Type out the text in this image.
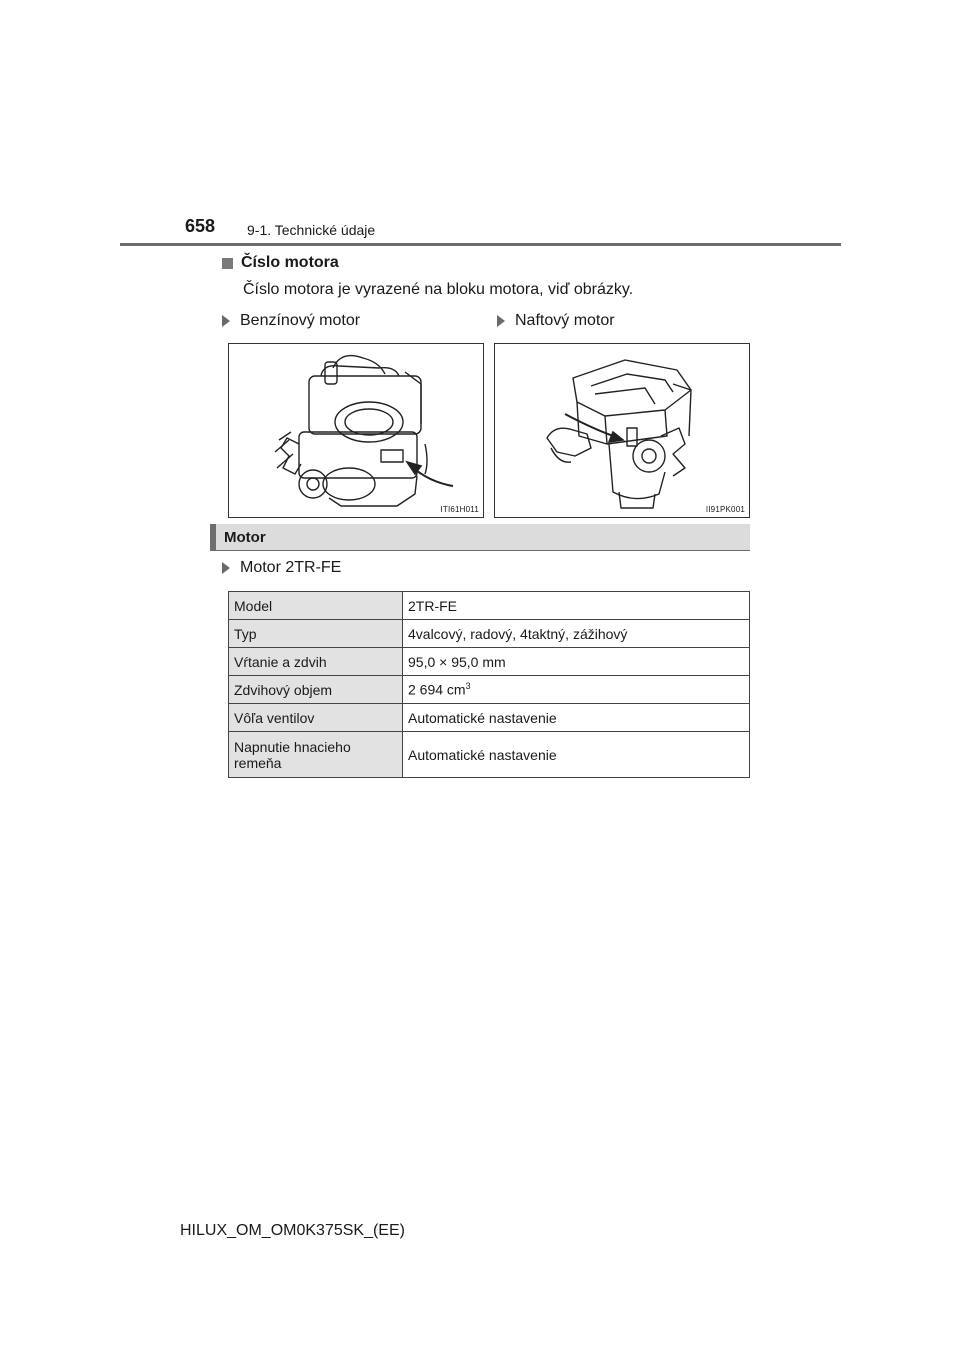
658 9-1. Technické údaje
Číslo motora
Číslo motora je vyrazené na bloku motora, viď obrázky.
Benzínový motor	Naftový motor
ITI61H011	II91PK001
Motor
Motor 2TR-FE
Model	2TR-FE
Typ	4valcový, radový, 4taktný, zážihový
Vŕtanie a zdvih	95,0 × 95,0 mm
Zdvihový objem	2 694 $cm^3$
Vôľa ventilov	Automatické nastavenie
Napnutie hnacieho remeňa	Automatické nastavenie
HILUX_OM_OM0K375SK_(EE)
